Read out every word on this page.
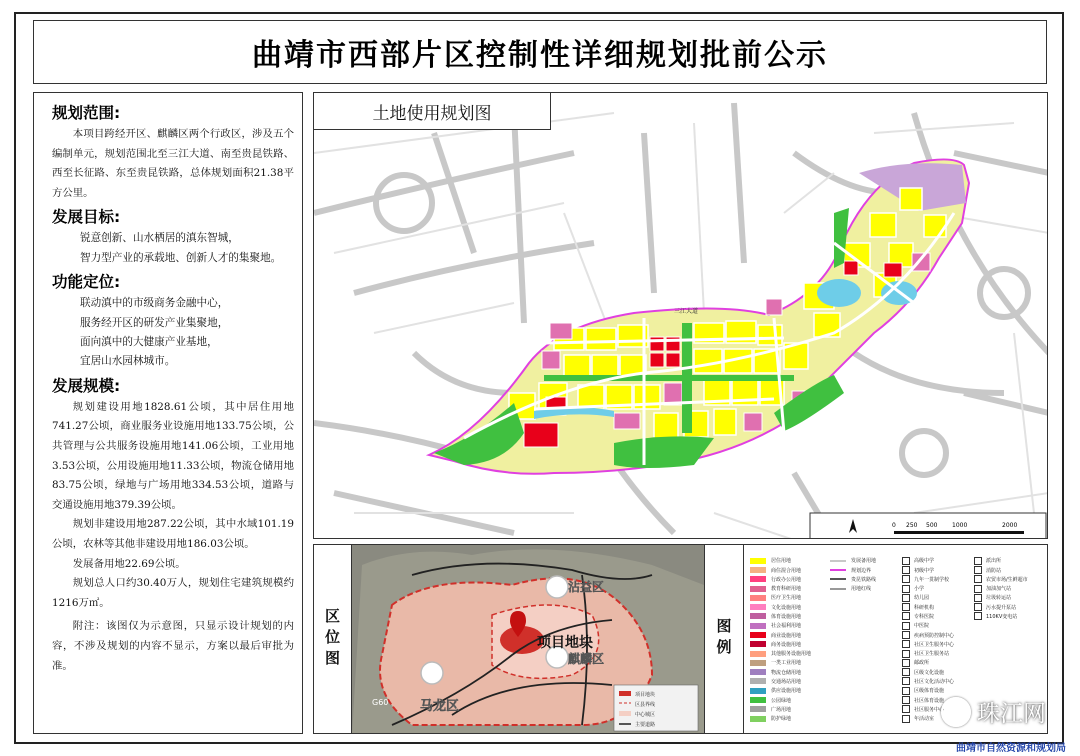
曲靖市西部片区控制性详细规划批前公示
规划范围:

本项目跨经开区、麒麟区两个行政区，涉及五个编制单元，规划范围北至三江大道、南至贵昆铁路、西至长征路、东至贵昆铁路，总体规划面积21.38平方公里。

发展目标:
锐意创新、山水栖居的滇东智城，
智力型产业的承载地、创新人才的集聚地。
功能定位:
联动滇中的市级商务金融中心，
服务经开区的研发产业集聚地，
面向滇中的大健康产业基地，
宜居山水园林城市。
发展规模:

规划建设用地1828.61公顷，其中居住用地741.27公顷，商业服务业设施用地133.75公顷，公共管理与公共服务设施用地141.06公顷，工业用地3.53公顷，公用设施用地11.33公顷，物流仓储用地83.75公顷，绿地与广场用地334.53公顷，道路与交通设施用地379.39公顷。

规划非建设用地287.22公顷，其中水域101.19公顷，农林等其他非建设用地186.03公顷。

发展备用地22.69公顷。

规划总人口约30.40万人，规划住宅建筑规模约1216万㎡。

附注：该图仅为示意图，只显示设计规划的内容，不涉及规划的内容不显示，方案以最后审批为准。

土地使用规划图
三江大道
0 250 500 1000	2000
区位图	项目地块
沾益区
麒麟区
马龙区
G60
项目地块
区县界线
中心城区
主要道路
图例
居住用地
商住混合用地
行政办公用地
教育科研用地
医疗卫生用地
文化设施用地
体育设施用地
社会福利用地
商业设施用地
商务设施用地
其他服务设施用地
一类工业用地
物流仓储用地
交通场站用地
供应设施用地
公园绿地
广场用地
防护绿地
发展备用地
规划边界
贵昆铁路线
用地红线
高级中学
初级中学
九年一贯制学校
小学
幼儿园
科研机构
专科医院
中医院
疾病预防控制中心
社区卫生服务中心
社区卫生服务站
邮政所
区级文化设施
社区文化活动中心
区级体育设施
社区体育设施
社区服务中心
年活动室
派出所
消防站
农贸市场/生鲜超市
加油加气站
垃圾转运站
污水提升泵站
110KV变电站
珠江网
曲靖市自然资源和规划局
